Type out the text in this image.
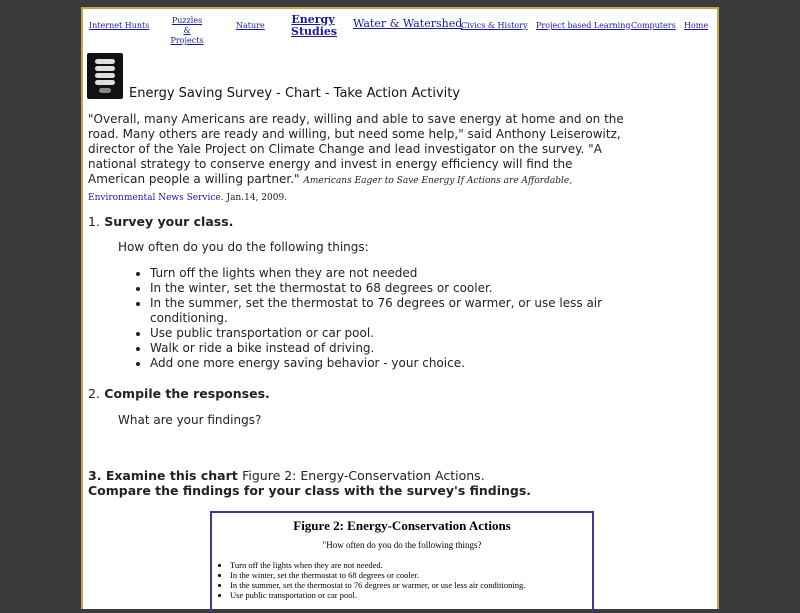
Internet Hunts
Puzzles & Projects
Nature Energy Studies
Water & Watershed
Civics & History Project based Learning Computers Home
Energy Saving Survey - Chart - Take Action Activity
"Overall, many Americans are ready, willing and able to save energy at home and on the road. Many others are ready and willing, but need some help," said Anthony Leiserowitz, director of the Yale Project on Climate Change and lead investigator on the survey. "A national strategy to conserve energy and invest in energy efficiency will find the American people a willing partner." Americans Eager to Save Energy If Actions are Affordable, Environmental News Service. Jan.14, 2009.
1. Survey your class.
How often do you do the following things:
• Turn off the lights when they are not needed
• In the winter, set the thermostat to 68 degrees or cooler.
• In the summer, set the thermostat to 76 degrees or warmer, or use less air conditioning.
• Use public transportation or car pool.
• Walk or ride a bike instead of driving.
• Add one more energy saving behavior - your choice.
2. Compile the responses.
What are your findings?
3. Examine this chart Figure 2: Energy-Conservation Actions.
Compare the findings for your class with the survey's findings.
Figure 2: Energy-Conservation Actions
"How often do you do the following things?
• Turn off the lights when they are not needed.
• In the winter, set the thermostat to 68 degrees or cooler.
• In the summer, set the thermostat to 76 degrees or warmer, or use less air conditioning.
• Use public transportation or car pool.
